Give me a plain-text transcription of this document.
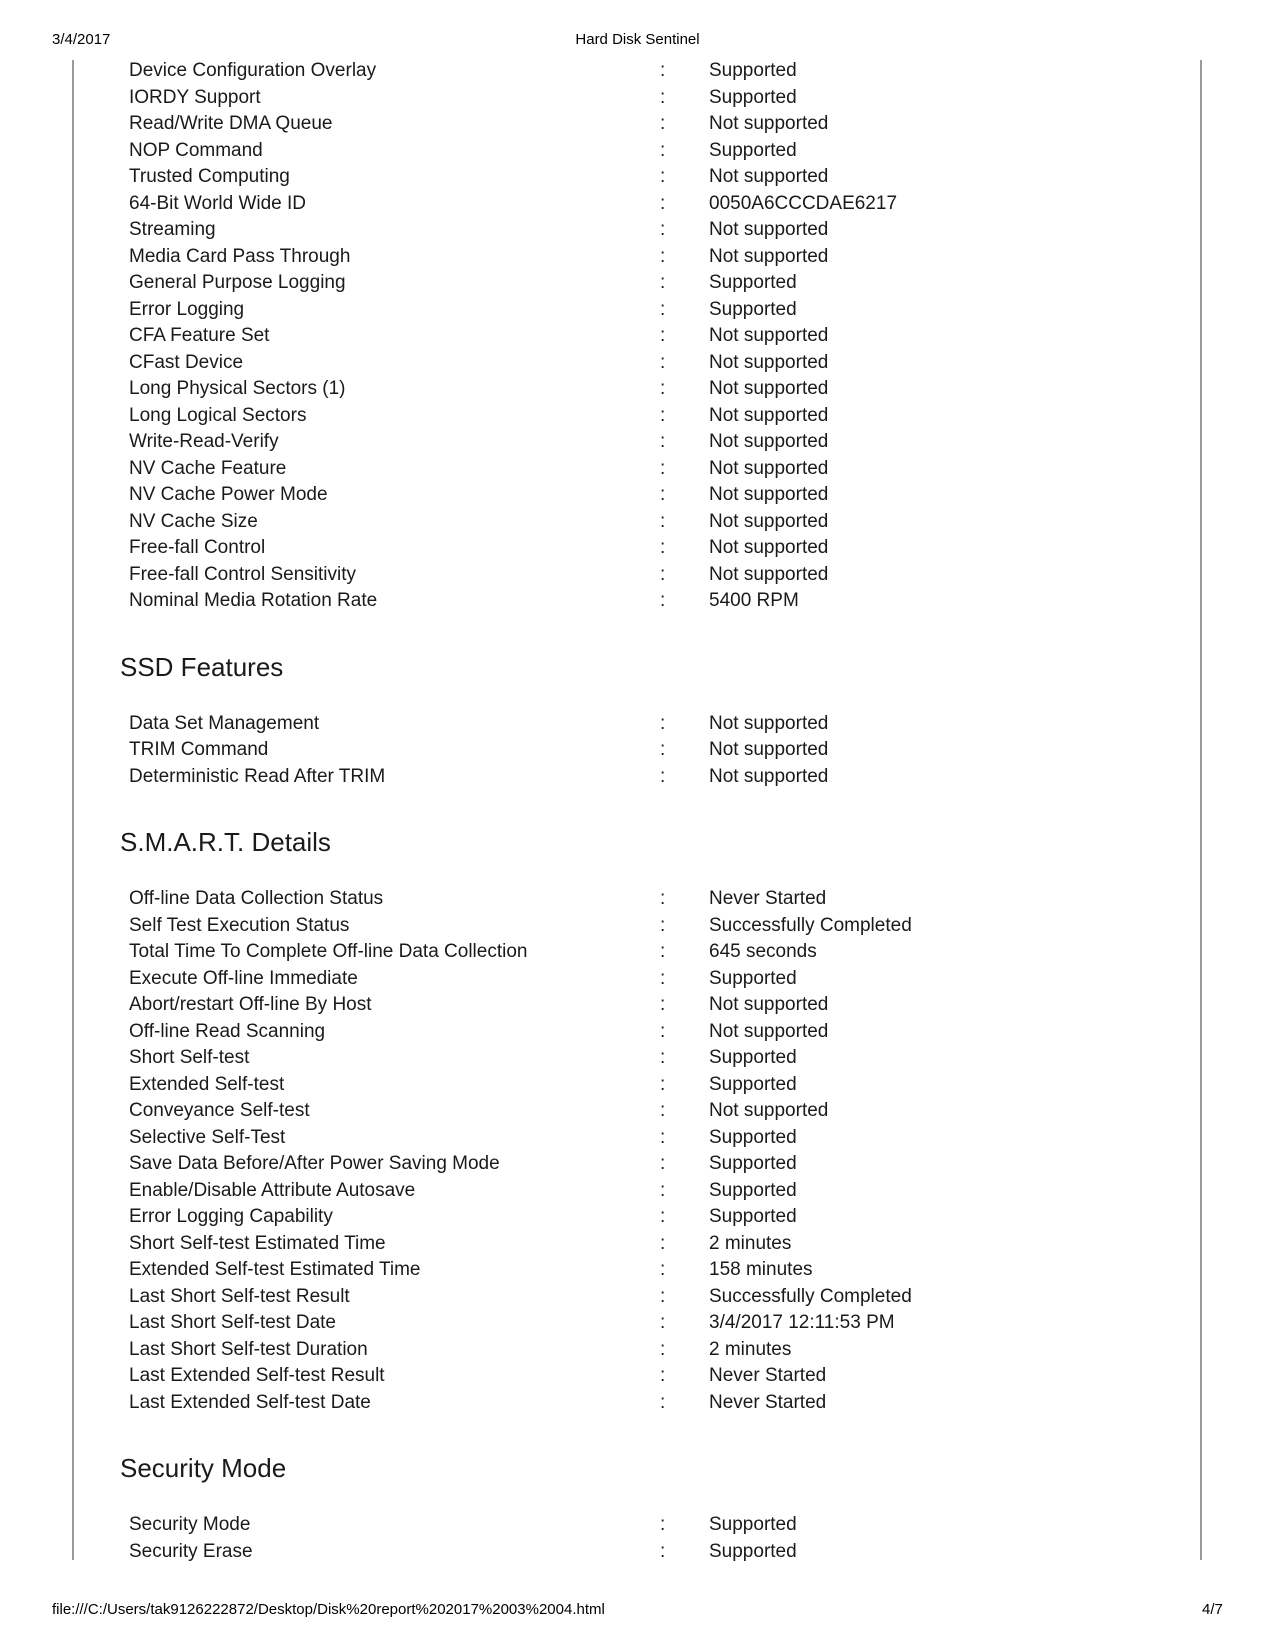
3/4/2017	Hard Disk Sentinel
Device Configuration Overlay	: Supported
IORDY Support	: Supported
Read/Write DMA Queue	: Not supported
NOP Command	: Supported
Trusted Computing	: Not supported
64-Bit World Wide ID	: 0050A6CCCDAE6217
Streaming	: Not supported
Media Card Pass Through	: Not supported
General Purpose Logging	: Supported
Error Logging	: Supported
CFA Feature Set	: Not supported
CFast Device	: Not supported
Long Physical Sectors (1)	: Not supported
Long Logical Sectors	: Not supported
Write-Read-Verify	: Not supported
NV Cache Feature	: Not supported
NV Cache Power Mode	: Not supported
NV Cache Size	: Not supported
Free-fall Control	: Not supported
Free-fall Control Sensitivity	: Not supported
Nominal Media Rotation Rate	: 5400 RPM
SSD Features
Data Set Management	: Not supported
TRIM Command	: Not supported
Deterministic Read After TRIM	: Not supported
S.M.A.R.T. Details
Off-line Data Collection Status	: Never Started
Self Test Execution Status	: Successfully Completed
Total Time To Complete Off-line Data Collection	: 645 seconds
Execute Off-line Immediate	: Supported
Abort/restart Off-line By Host	: Not supported
Off-line Read Scanning	: Not supported
Short Self-test	: Supported
Extended Self-test	: Supported
Conveyance Self-test	: Not supported
Selective Self-Test	: Supported
Save Data Before/After Power Saving Mode	: Supported
Enable/Disable Attribute Autosave	: Supported
Error Logging Capability	: Supported
Short Self-test Estimated Time	: 2 minutes
Extended Self-test Estimated Time	: 158 minutes
Last Short Self-test Result	: Successfully Completed
Last Short Self-test Date	: 3/4/2017 12:11:53 PM
Last Short Self-test Duration	: 2 minutes
Last Extended Self-test Result	: Never Started
Last Extended Self-test Date	: Never Started
Security Mode
Security Mode	: Supported
Security Erase	: Supported
file:///C:/Users/tak9126222872/Desktop/Disk%20report%202017%2003%2004.html	4/7
